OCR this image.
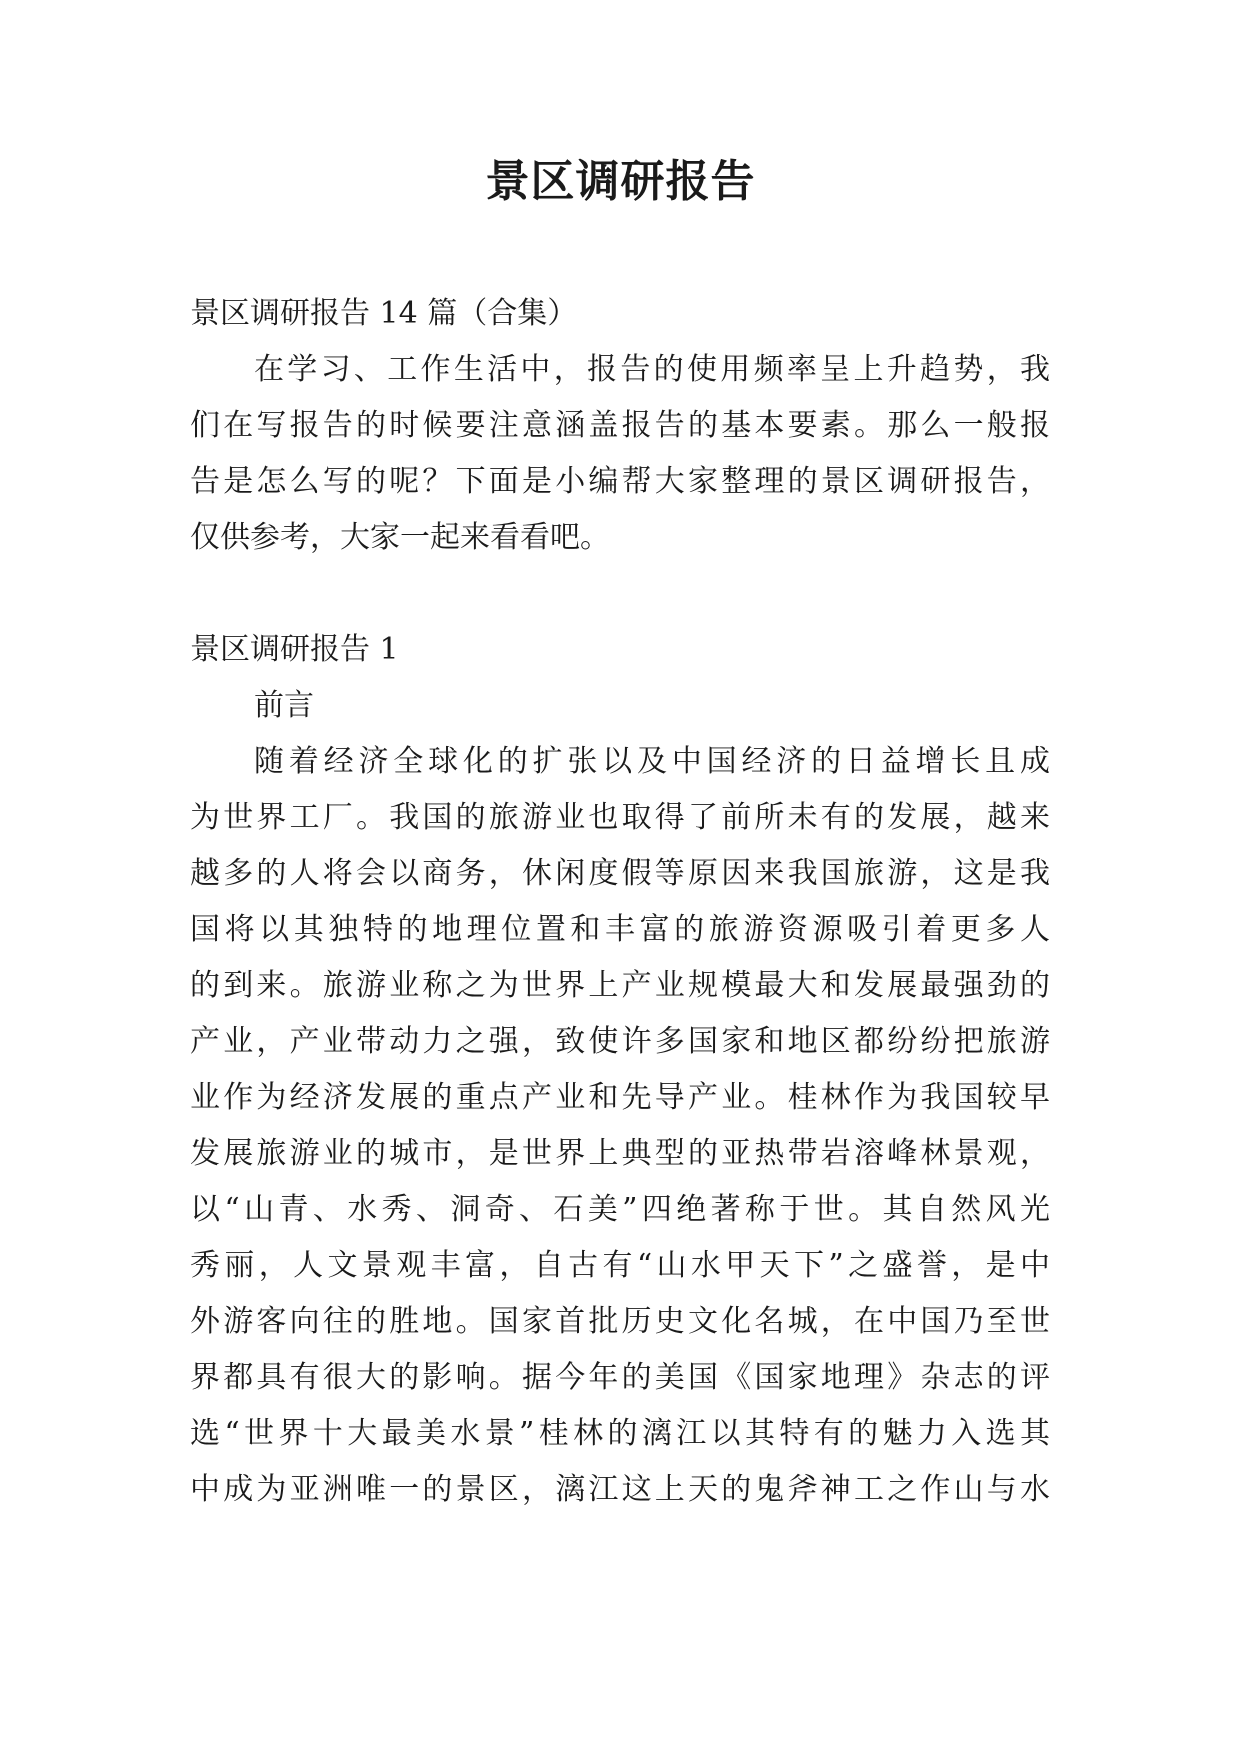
景区调研报告
景区调研报告 14 篇（合集）
在学习、工作生活中，报告的使用频率呈上升趋势，我
们在写报告的时候要注意涵盖报告的基本要素。那么一般报
告是怎么写的呢？下面是小编帮大家整理的景区调研报告，
仅供参考，大家一起来看看吧。
景区调研报告 1
前言
随着经济全球化的扩张以及中国经济的日益增长且成
为世界工厂。我国的旅游业也取得了前所未有的发展，越来
越多的人将会以商务，休闲度假等原因来我国旅游，这是我
国将以其独特的地理位置和丰富的旅游资源吸引着更多人
的到来。旅游业称之为世界上产业规模最大和发展最强劲的
产业，产业带动力之强，致使许多国家和地区都纷纷把旅游
业作为经济发展的重点产业和先导产业。桂林作为我国较早
发展旅游业的城市，是世界上典型的亚热带岩溶峰林景观，
以“山青、水秀、洞奇、石美”四绝著称于世。其自然风光
秀丽，人文景观丰富，自古有“山水甲天下”之盛誉，是中
外游客向往的胜地。国家首批历史文化名城，在中国乃至世
界都具有很大的影响。据今年的美国《国家地理》杂志的评
选“世界十大最美水景”桂林的漓江以其特有的魅力入选其
中成为亚洲唯一的景区，漓江这上天的鬼斧神工之作山与水
